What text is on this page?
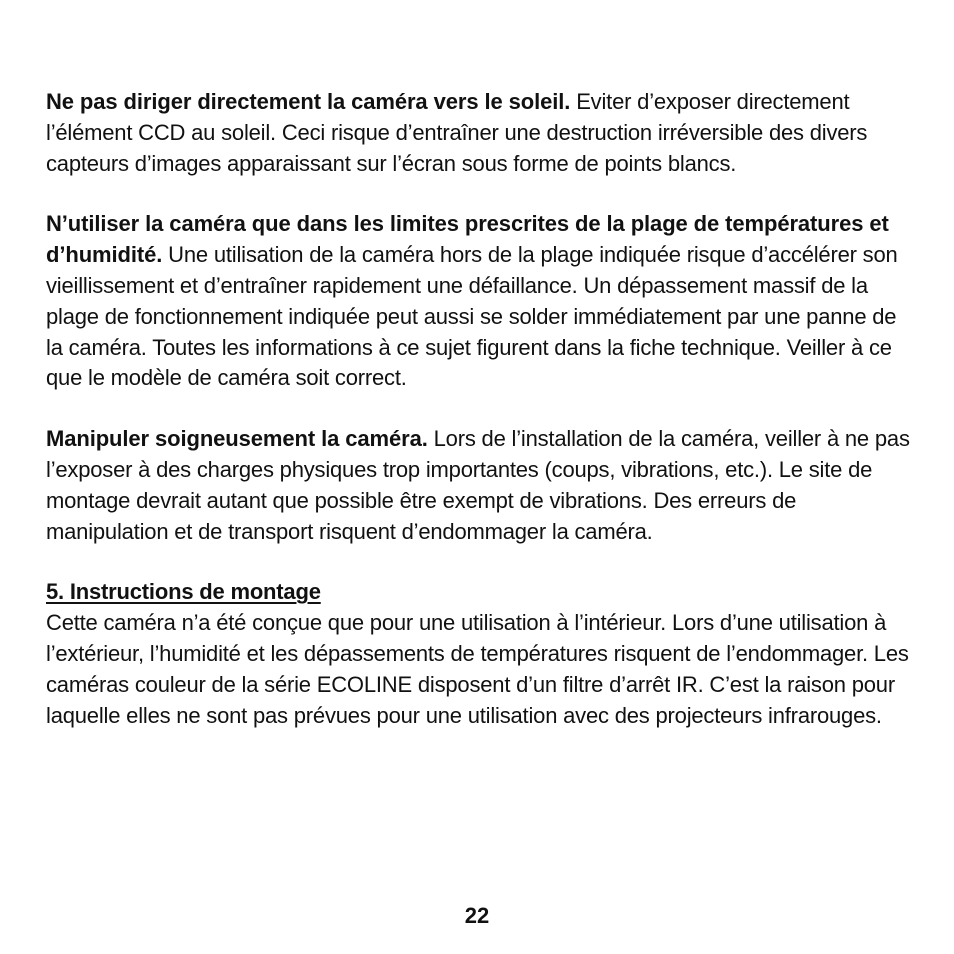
Ne pas diriger directement la caméra vers le soleil. Eviter d’exposer directement l’élément CCD au soleil. Ceci risque d’entraîner une destruction irréversible des divers capteurs d’images apparaissant sur l’écran sous forme de points blancs.

N’utiliser la caméra que dans les limites prescrites de la plage de températures et d’humidité. Une utilisation de la caméra hors de la plage indiquée risque d’accélérer son vieillissement et d’entraîner rapidement une défaillance. Un dépassement massif de la plage de fonctionnement indiquée peut aussi se solder immédiatement par une panne de la caméra. Toutes les informations à ce sujet figurent dans la fiche technique. Veiller à ce que le modèle de caméra soit correct.

Manipuler soigneusement la caméra. Lors de l’installation de la caméra, veiller à ne pas l’exposer à des charges physiques trop importantes (coups, vibrations, etc.). Le site de montage devrait autant que possible être exempt de vibrations. Des erreurs de manipulation et de transport risquent d’endommager la caméra.

5. Instructions de montage

Cette caméra n’a été conçue que pour une utilisation à l’intérieur. Lors d’une utilisation à l’extérieur, l’humidité et les dépassements de températures risquent de l’endommager. Les caméras couleur de la série ECOLINE disposent d’un filtre d’arrêt IR. C’est la raison pour laquelle elles ne sont pas prévues pour une utilisation avec des projecteurs infrarouges.

22
